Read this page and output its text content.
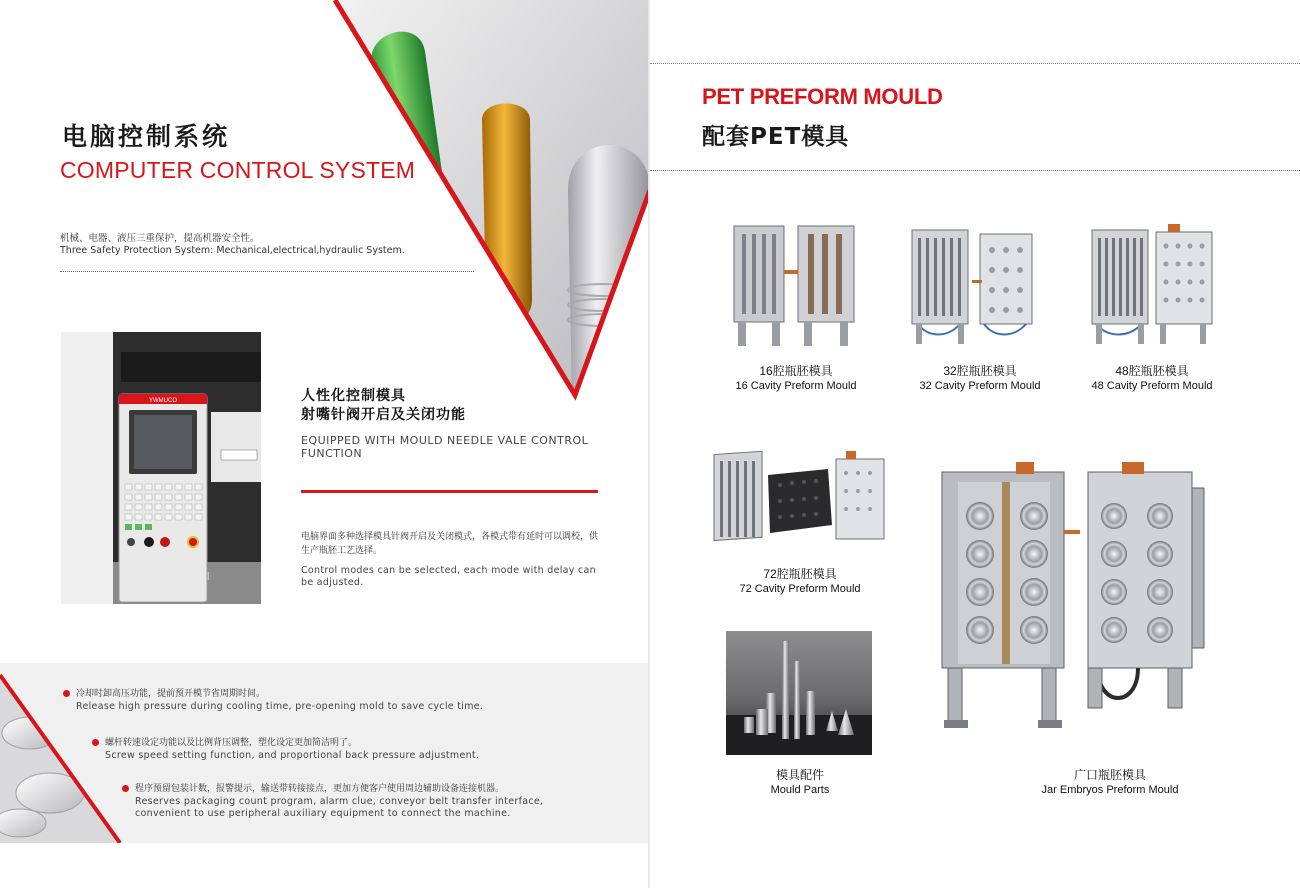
电脑控制系统
COMPUTER CONTROL SYSTEM
机械、电器、液压三重保护，提高机器安全性。
Three Safety Protection System: Mechanical,electrical,hydraulic System.
YWMUCO	人性化控制模具
射嘴针阀开启及关闭功能
EQUIPPED WITH MOULD NEEDLE VALE CONTROL FUNCTION
电脑界面多种选择模具针阀开启及关闭模式，各模式带有延时可以调校，供生产瓶胚工艺选择。
Control modes can be selected, each mode with delay can be adjusted.
冷却时卸高压功能，提前预开模节省周期时间。
Release high pressure during cooling time, pre-opening mold to save cycle time.
螺杆转速设定功能以及比例背压调整，塑化设定更加简洁明了。
Screw speed setting function, and proportional back pressure adjustment.
程序预留包装计数，报警提示，输送带转接接点，更加方便客户使用周边辅助设备连接机器。
Reserves packaging count program, alarm clue, conveyor belt transfer interface, convenient to use peripheral auxiliary equipment to connect the machine.
PET PREFORM MOULD
配套PET模具
16腔瓶胚模具
16 Cavity Preform Mould
32腔瓶胚模具
32 Cavity Preform Mould
48腔瓶胚模具
48 Cavity Preform Mould
72腔瓶胚模具
72 Cavity Preform Mould
模具配件
Mould Parts
广口瓶胚模具
Jar Embryos Preform Mould
